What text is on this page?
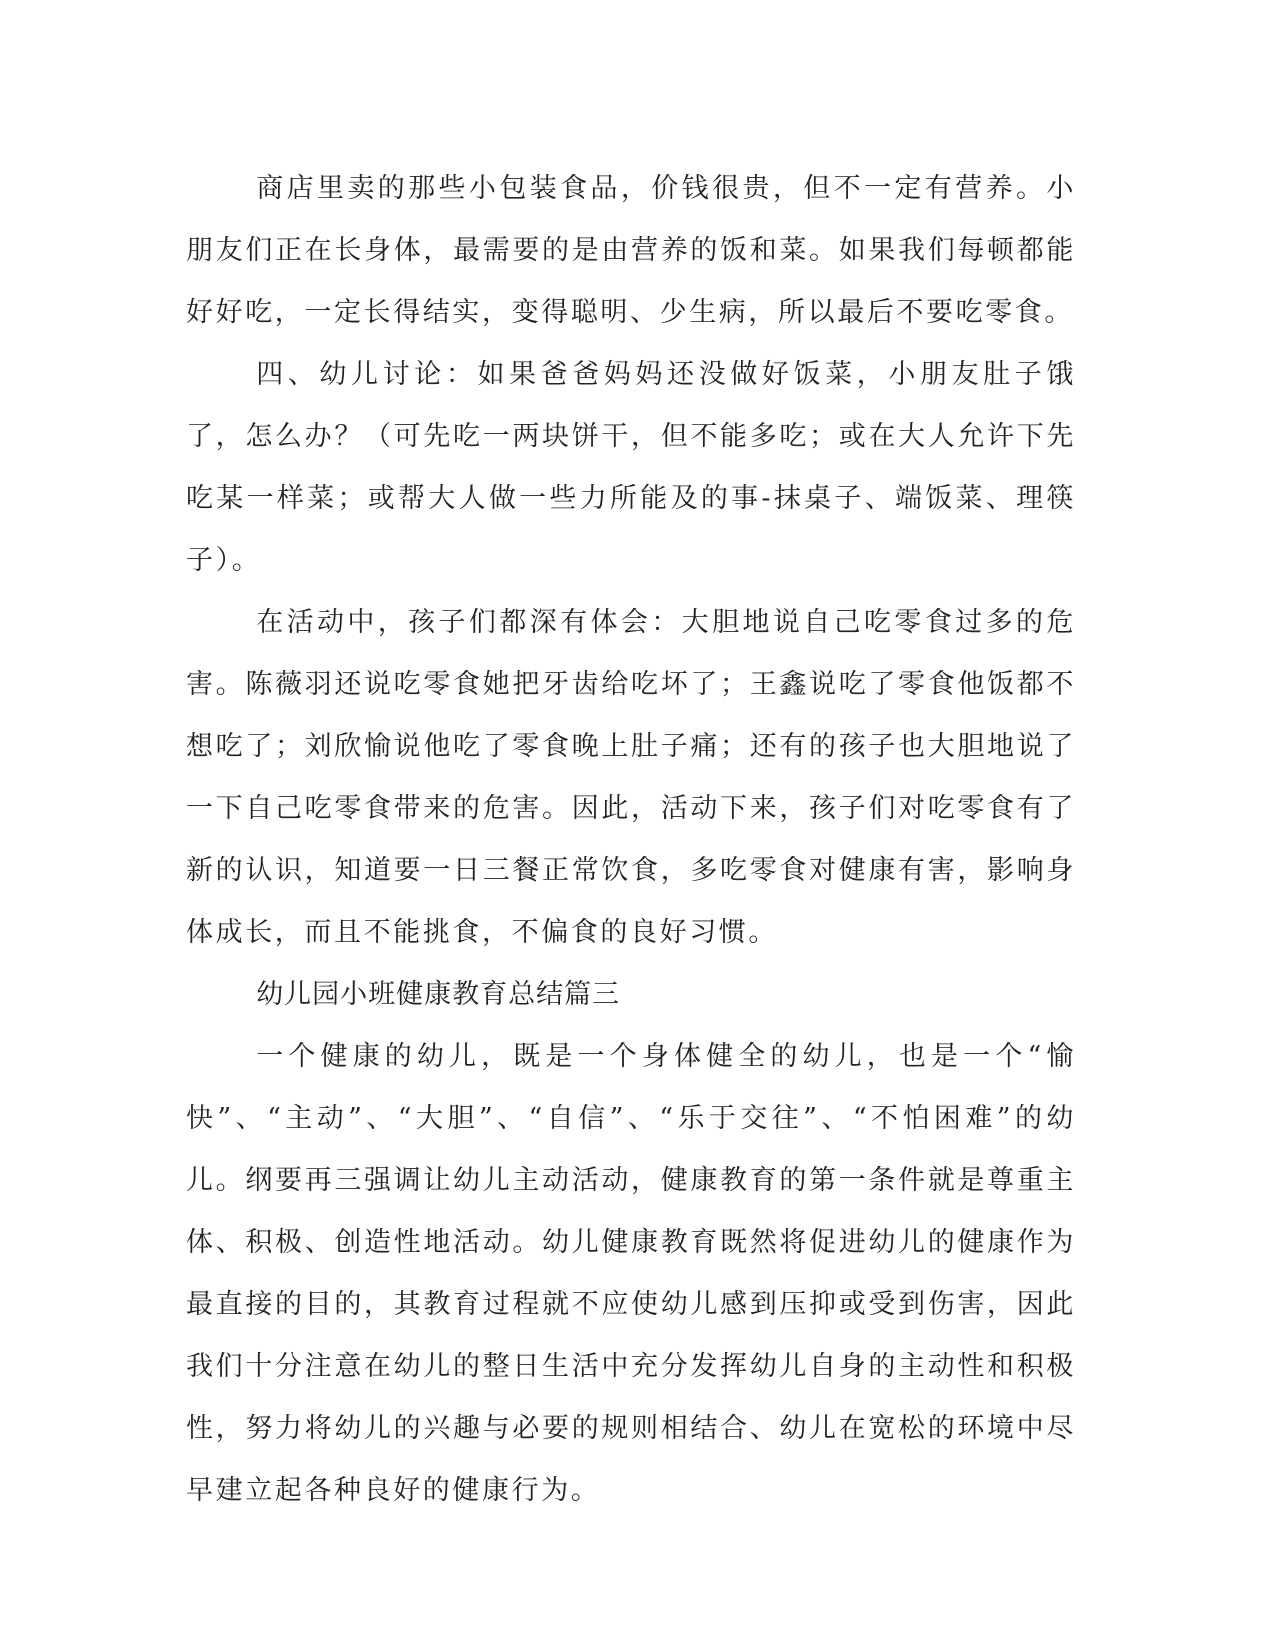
商店里卖的那些小包装食品，价钱很贵，但不一定有营养。小朋友们正在长身体，最需要的是由营养的饭和菜。如果我们每顿都能好好吃，一定长得结实，变得聪明、少生病，所以最后不要吃零食。

四、幼儿讨论：如果爸爸妈妈还没做好饭菜，小朋友肚子饿了，怎么办？（可先吃一两块饼干，但不能多吃；或在大人允许下先吃某一样菜；或帮大人做一些力所能及的事-抹桌子、端饭菜、理筷子）。

在活动中，孩子们都深有体会：大胆地说自己吃零食过多的危害。陈薇羽还说吃零食她把牙齿给吃坏了；王鑫说吃了零食他饭都不想吃了；刘欣愉说他吃了零食晚上肚子痛；还有的孩子也大胆地说了一下自己吃零食带来的危害。因此，活动下来，孩子们对吃零食有了新的认识，知道要一日三餐正常饮食，多吃零食对健康有害，影响身体成长，而且不能挑食，不偏食的良好习惯。

幼儿园小班健康教育总结篇三

一个健康的幼儿，既是一个身体健全的幼儿，也是一个“愉快”、“主动”、“大胆”、“自信”、“乐于交往”、“不怕困难”的幼儿。纲要再三强调让幼儿主动活动，健康教育的第一条件就是尊重主体、积极、创造性地活动。幼儿健康教育既然将促进幼儿的健康作为最直接的目的，其教育过程就不应使幼儿感到压抑或受到伤害，因此我们十分注意在幼儿的整日生活中充分发挥幼儿自身的主动性和积极性，努力将幼儿的兴趣与必要的规则相结合、幼儿在宽松的环境中尽早建立起各种良好的健康行为。
